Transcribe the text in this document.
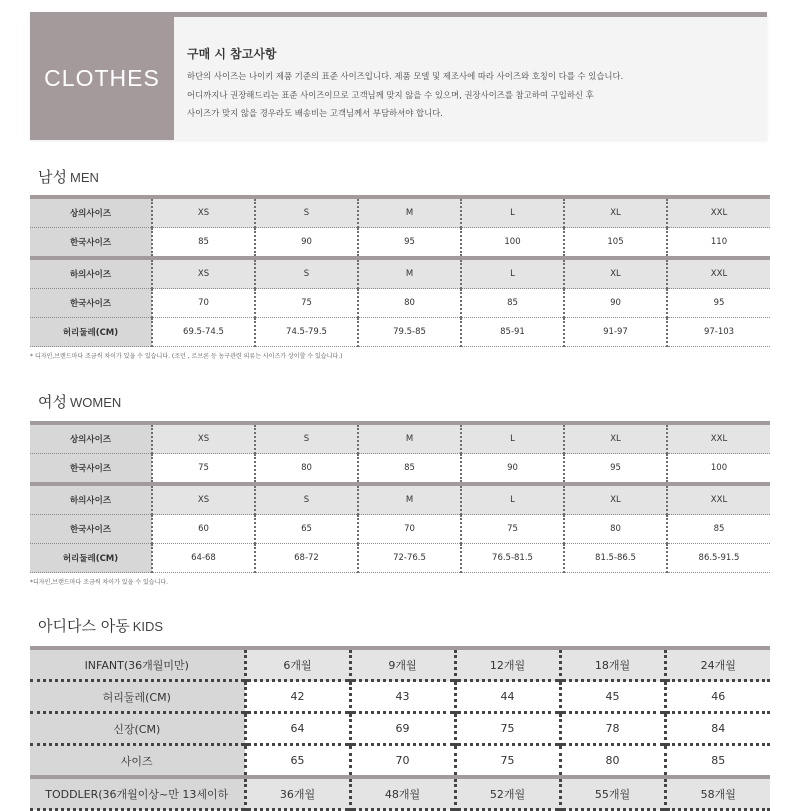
CLOTHES
구매 시 참고사항
하단의 사이즈는 나이키 제품 기준의 표준 사이즈입니다. 제품 모델 및 제조사에 따라 사이즈와 호칭이 다를 수 있습니다.
어디까지나 권장해드리는 표준 사이즈이므로 고객님께 맞지 않을 수 있으며, 권장사이즈를 참고하여 구입하신 후
사이즈가 맞지 않을 경우라도 배송비는 고객님께서 부담하셔야 합니다.
남성 MEN
상의사이즈	XS	S	M	L	XL	XXL
한국사이즈	85	90	95	100	105	110
하의사이즈	XS	S	M	L	XL	XXL
한국사이즈	70	75	80	85	90	95
허리둘레(CM)	69.5-74.5	74.5-79.5	79.5-85	85-91	91-97	97-103
* 디자인,브랜드마다 조금씩 차이가 있을 수 있습니다. (조던 , 르브론 등 농구관련 의류는 사이즈가 상이할 수 있습니다.)
여성 WOMEN
상의사이즈	XS	S	M	L	XL	XXL
한국사이즈	75	80	85	90	95	100
하의사이즈	XS	S	M	L	XL	XXL
한국사이즈	60	65	70	75	80	85
허리둘레(CM)	64-68	68-72	72-76.5	76.5-81.5	81.5-86.5	86.5-91.5
*디자인,브랜드마다 조금씩 차이가 있을 수 있습니다.
아디다스 아동 KIDS
INFANT(36개월미만)	6개월	9개월	12개월	18개월	24개월
허리둘레(CM)	42	43	44	45	46
신장(CM)	64	69	75	78	84
사이즈	65	70	75	80	85
TODDLER(36개월이상~만 13세이하	36개월	48개월	52개월	55개월	58개월
